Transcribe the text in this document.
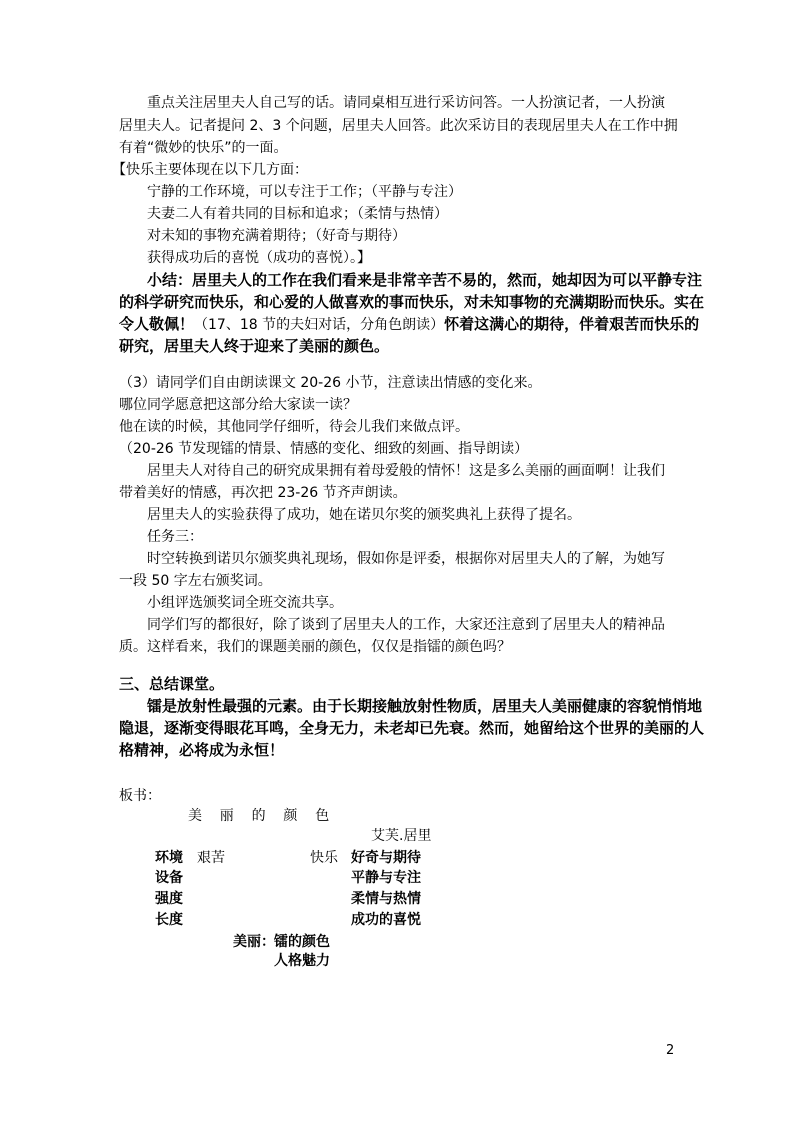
重点关注居里夫人自己写的话。请同桌相互进行采访问答。一人扮演记者，一人扮演
居里夫人。记者提问 2、3 个问题，居里夫人回答。此次采访目的表现居里夫人在工作中拥
有着“微妙的快乐”的一面。
【快乐主要体现在以下几方面：
宁静的工作环境，可以专注于工作；（平静与专注）
夫妻二人有着共同的目标和追求；（柔情与热情）
对未知的事物充满着期待；（好奇与期待）
获得成功后的喜悦（成功的喜悦）。】
小结：居里夫人的工作在我们看来是非常辛苦不易的，然而，她却因为可以平静专注
的科学研究而快乐，和心爱的人做喜欢的事而快乐，对未知事物的充满期盼而快乐。实在
令人敬佩！（17、18 节的夫妇对话，分角色朗读）怀着这满心的期待，伴着艰苦而快乐的
研究，居里夫人终于迎来了美丽的颜色。
（3）请同学们自由朗读课文 20-26 小节，注意读出情感的变化来。
哪位同学愿意把这部分给大家读一读？
他在读的时候，其他同学仔细听，待会儿我们来做点评。
（20-26 节发现镭的情景、情感的变化、细致的刻画、指导朗读）
居里夫人对待自己的研究成果拥有着母爱般的情怀！这是多么美丽的画面啊！让我们
带着美好的情感，再次把 23-26 节齐声朗读。
居里夫人的实验获得了成功，她在诺贝尔奖的颁奖典礼上获得了提名。
任务三：
时空转换到诺贝尔颁奖典礼现场，假如你是评委，根据你对居里夫人的了解，为她写
一段 50 字左右颁奖词。
小组评选颁奖词全班交流共享。
同学们写的都很好，除了谈到了居里夫人的工作，大家还注意到了居里夫人的精神品
质。这样看来，我们的课题美丽的颜色，仅仅是指镭的颜色吗？
三、总结课堂。
镭是放射性最强的元素。由于长期接触放射性物质，居里夫人美丽健康的容貌悄悄地
隐退，逐渐变得眼花耳鸣，全身无力，未老却已先衰。然而，她留给这个世界的美丽的人
格精神，必将成为永恒！
板书：
美    丽    的    颜    色
艾芙.居里
环境 艰苦	快乐 好奇与期待
设备	平静与专注
强度	柔情与热情
长度	成功的喜悦
美丽： 镭的颜色
人格魅力
2
